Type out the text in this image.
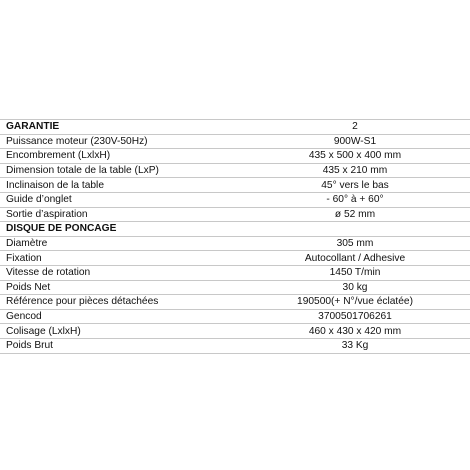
GARANTIE		2
Puissance moteur (230V-50Hz)		900W-S1
Encombrement (LxlxH)		435 x 500 x 400 mm
Dimension totale de la table (LxP)		435 x 210 mm
Inclinaison de la table		45° vers le bas
Guide d’onglet		- 60° à + 60°
Sortie d’aspiration		ø 52 mm
DISQUE DE PONCAGE		
Diamètre		305 mm
Fixation		Autocollant / Adhesive
Vitesse de rotation		1450 T/min
Poids Net		30 kg
Référence pour pièces détachées		190500(+ N°/vue éclatée)
Gencod		3700501706261
Colisage (LxlxH)		460 x 430 x 420 mm
Poids Brut		33 Kg
